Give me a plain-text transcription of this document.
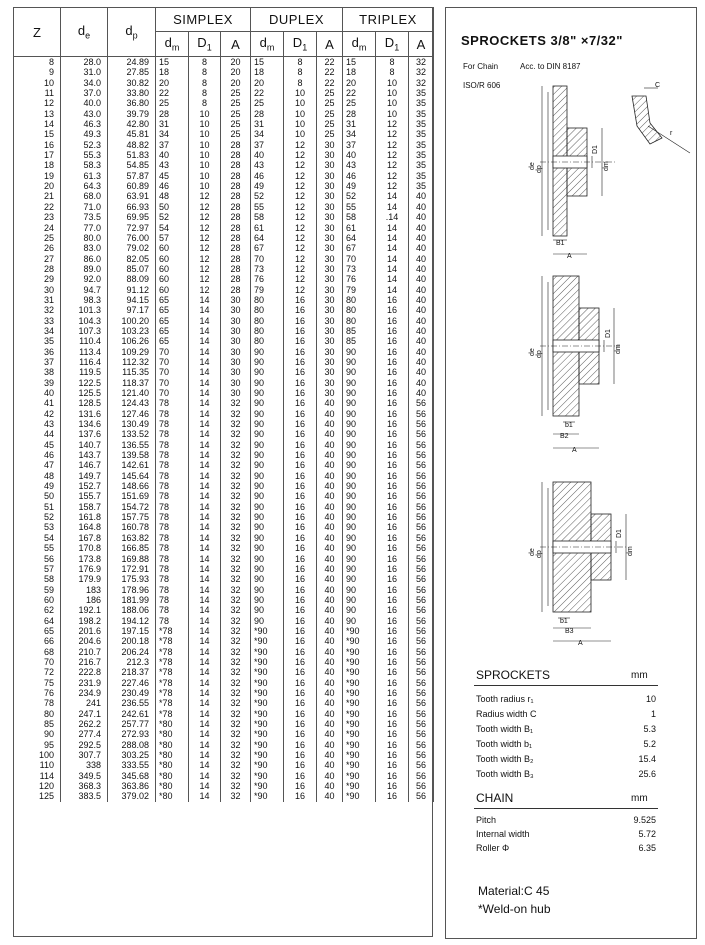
Z	$d_e$	$d_p$	SIMPLEX			DUPLEX			TRIPLEX		
			$d_m$	$D_1$	A	$d_m$	$D_1$	A	$d_m$	$D_1$	A
8	28.0	24.89	15	8	20	15	8	22	15	8	32
9	31.0	27.85	18	8	20	18	8	22	18	8	32
10	34.0	30.82	20	8	20	20	8	22	20	10	32
11	37.0	33.80	22	8	25	22	10	25	22	10	35
12	40.0	36.80	25	8	25	25	10	25	25	10	35
13	43.0	39.79	28	10	25	28	10	25	28	10	35
14	46.3	42.80	31	10	25	31	10	25	31	12	35
15	49.3	45.81	34	10	25	34	10	25	34	12	35
16	52.3	48.82	37	10	28	37	12	30	37	12	35
17	55.3	51.83	40	10	28	40	12	30	40	12	35
18	58.3	54.85	43	10	28	43	12	30	43	12	35
19	61.3	57.87	45	10	28	46	12	30	46	12	35
20	64.3	60.89	46	10	28	49	12	30	49	12	35
21	68.0	63.91	48	12	28	52	12	30	52	14	40
22	71.0	66.93	50	12	28	55	12	30	55	14	40
23	73.5	69.95	52	12	28	58	12	30	58	.14	40
24	77.0	72.97	54	12	28	61	12	30	61	14	40
25	80.0	76.00	57	12	28	64	12	30	64	14	40
26	83.0	79.02	60	12	28	67	12	30	67	14	40
27	86.0	82.05	60	12	28	70	12	30	70	14	40
28	89.0	85.07	60	12	28	73	12	30	73	14	40
29	92.0	88.09	60	12	28	76	12	30	76	14	40
30	94.7	91.12	60	12	28	79	12	30	79	14	40
31	98.3	94.15	65	14	30	80	16	30	80	16	40
32	101.3	97.17	65	14	30	80	16	30	80	16	40
33	104.3	100.20	65	14	30	80	16	30	80	16	40
34	107.3	103.23	65	14	30	80	16	30	85	16	40
35	110.4	106.26	65	14	30	80	16	30	85	16	40
36	113.4	109.29	70	14	30	90	16	30	90	16	40
37	116.4	112.32	70	14	30	90	16	30	90	16	40
38	119.5	115.35	70	14	30	90	16	30	90	16	40
39	122.5	118.37	70	14	30	90	16	30	90	16	40
40	125.5	121.40	70	14	30	90	16	30	90	16	40
41	128.5	124.43	78	14	32	90	16	40	90	16	56
42	131.6	127.46	78	14	32	90	16	40	90	16	56
43	134.6	130.49	78	14	32	90	16	40	90	16	56
44	137.6	133.52	78	14	32	90	16	40	90	16	56
45	140.7	136.55	78	14	32	90	16	40	90	16	56
46	143.7	139.58	78	14	32	90	16	40	90	16	56
47	146.7	142.61	78	14	32	90	16	40	90	16	56
48	149.7	145.64	78	14	32	90	16	40	90	16	56
49	152.7	148.66	78	14	32	90	16	40	90	16	56
50	155.7	151.69	78	14	32	90	16	40	90	16	56
51	158.7	154.72	78	14	32	90	16	40	90	16	56
52	161.8	157.75	78	14	32	90	16	40	90	16	56
53	164.8	160.78	78	14	32	90	16	40	90	16	56
54	167.8	163.82	78	14	32	90	16	40	90	16	56
55	170.8	166.85	78	14	32	90	16	40	90	16	56
56	173.8	169.88	78	14	32	90	16	40	90	16	56
57	176.9	172.91	78	14	32	90	16	40	90	16	56
58	179.9	175.93	78	14	32	90	16	40	90	16	56
59	183	178.96	78	14	32	90	16	40	90	16	56
60	186	181.99	78	14	32	90	16	40	90	16	56
62	192.1	188.06	78	14	32	90	16	40	90	16	56
64	198.2	194.12	78	14	32	90	16	40	90	16	56
65	201.6	197.15	*78	14	32	*90	16	40	*90	16	56
66	204.6	200.18	*78	14	32	*90	16	40	*90	16	56
68	210.7	206.24	*78	14	32	*90	16	40	*90	16	56
70	216.7	212.3	*78	14	32	*90	16	40	*90	16	56
72	222.8	218.37	*78	14	32	*90	16	40	*90	16	56
75	231.9	227.46	*78	14	32	*90	16	40	*90	16	56
76	234.9	230.49	*78	14	32	*90	16	40	*90	16	56
78	241	236.55	*78	14	32	*90	16	40	*90	16	56
80	247.1	242.61	*78	14	32	*90	16	40	*90	16	56
85	262.2	257.77	*80	14	32	*90	16	40	*90	16	56
90	277.4	272.93	*80	14	32	*90	16	40	*90	16	56
95	292.5	288.08	*80	14	32	*90	16	40	*90	16	56
100	307.7	303.25	*80	14	32	*90	16	40	*90	16	56
110	338	333.55	*80	14	32	*90	16	40	*90	16	56
114	349.5	345.68	*80	14	32	*90	16	40	*90	16	56
120	368.3	363.86	*80	14	32	*90	16	40	*90	16	56
125	383.5	379.02	*80	14	32	*90	16	40	*90	16	56
SPROCKETS 3/8" ×7/32"
For Chain	Acc. to DIN 8187
ISO/R 606
de dp
D1
dm
B1
A
C
r
de dp
D1
dm
b1
B2
A
de dp
D1
dm
b1
B3
A
SPROCKETS	mm
Tooth radius r₁	10
Radius width C	1
Tooth width B₁	5.3
Tooth width b₁	5.2
Tooth width B₂	15.4
Tooth width B₃	25.6
CHAIN	mm
Pitch	9.525
Internal width	5.72
Roller Φ	6.35
Material:C 45
*Weld-on hub
